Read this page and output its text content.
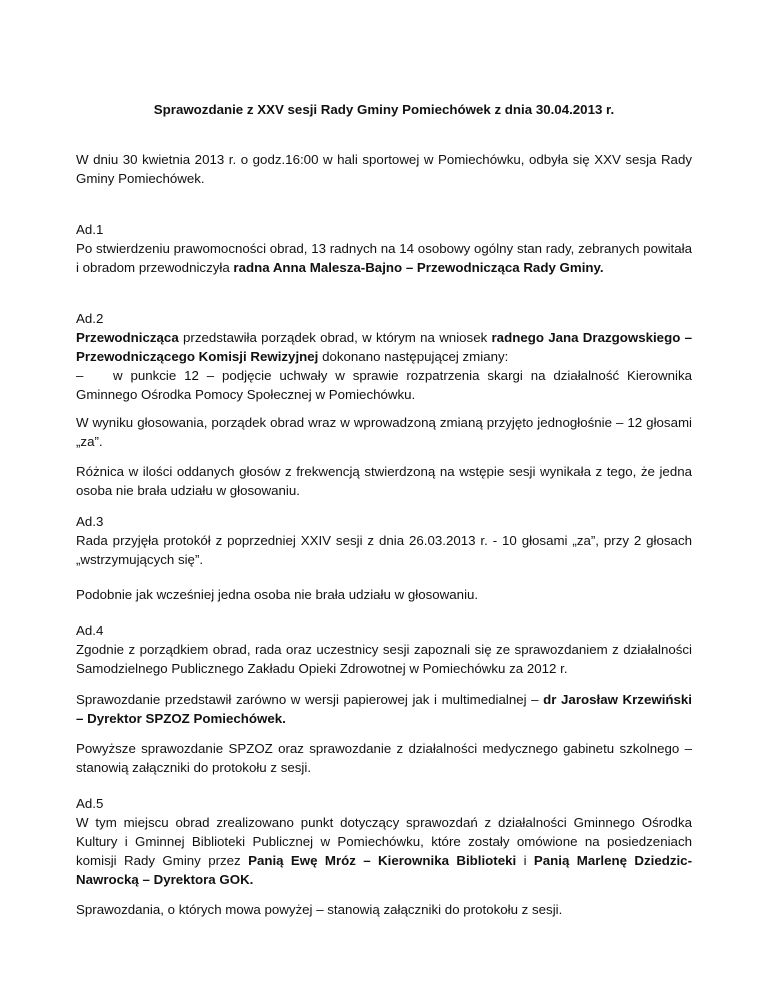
Sprawozdanie z XXV sesji Rady Gminy Pomiechówek z dnia 30.04.2013 r.
W dniu 30 kwietnia 2013 r. o godz.16:00 w hali sportowej w Pomiechówku, odbyła się XXV sesja Rady Gminy Pomiechówek.
Ad.1
Po stwierdzeniu prawomocności obrad, 13 radnych na 14 osobowy ogólny stan rady, zebranych powitała i obradom przewodniczyła radna Anna Malesza-Bajno – Przewodnicząca Rady Gminy.
Ad.2
Przewodnicząca przedstawiła porządek obrad, w którym na wniosek radnego Jana Drazgowskiego – Przewodniczącego Komisji Rewizyjnej dokonano następującej zmiany:
– w punkcie 12 – podjęcie uchwały w sprawie rozpatrzenia skargi na działalność Kierownika Gminnego Ośrodka Pomocy Społecznej w Pomiechówku.
W wyniku głosowania, porządek obrad wraz w wprowadzoną zmianą przyjęto jednogłośnie – 12 głosami „za”.
Różnica w ilości oddanych głosów z frekwencją stwierdzoną na wstępie sesji wynikała z tego, że jedna osoba nie brała udziału w głosowaniu.
Ad.3
Rada przyjęła protokół z poprzedniej XXIV sesji z dnia 26.03.2013 r. - 10 głosami „za”, przy 2 głosach „wstrzymujących się”.
Podobnie jak wcześniej jedna osoba nie brała udziału w głosowaniu.
Ad.4
Zgodnie z porządkiem obrad, rada oraz uczestnicy sesji zapoznali się ze sprawozdaniem z działalności Samodzielnego Publicznego Zakładu Opieki Zdrowotnej w Pomiechówku za 2012 r.
Sprawozdanie przedstawił zarówno w wersji papierowej jak i multimedialnej – dr Jarosław Krzewiński – Dyrektor SPZOZ Pomiechówek.
Powyższe sprawozdanie SPZOZ oraz sprawozdanie z działalności medycznego gabinetu szkolnego – stanowią załączniki do protokołu z sesji.
Ad.5
W tym miejscu obrad zrealizowano punkt dotyczący sprawozdań z działalności Gminnego Ośrodka Kultury i Gminnej Biblioteki Publicznej w Pomiechówku, które zostały omówione na posiedzeniach komisji Rady Gminy przez Panią Ewę Mróz – Kierownika Biblioteki i Panią Marlenę Dziedzic-Nawrocką – Dyrektora GOK.
Sprawozdania, o których mowa powyżej – stanowią załączniki do protokołu z sesji.
